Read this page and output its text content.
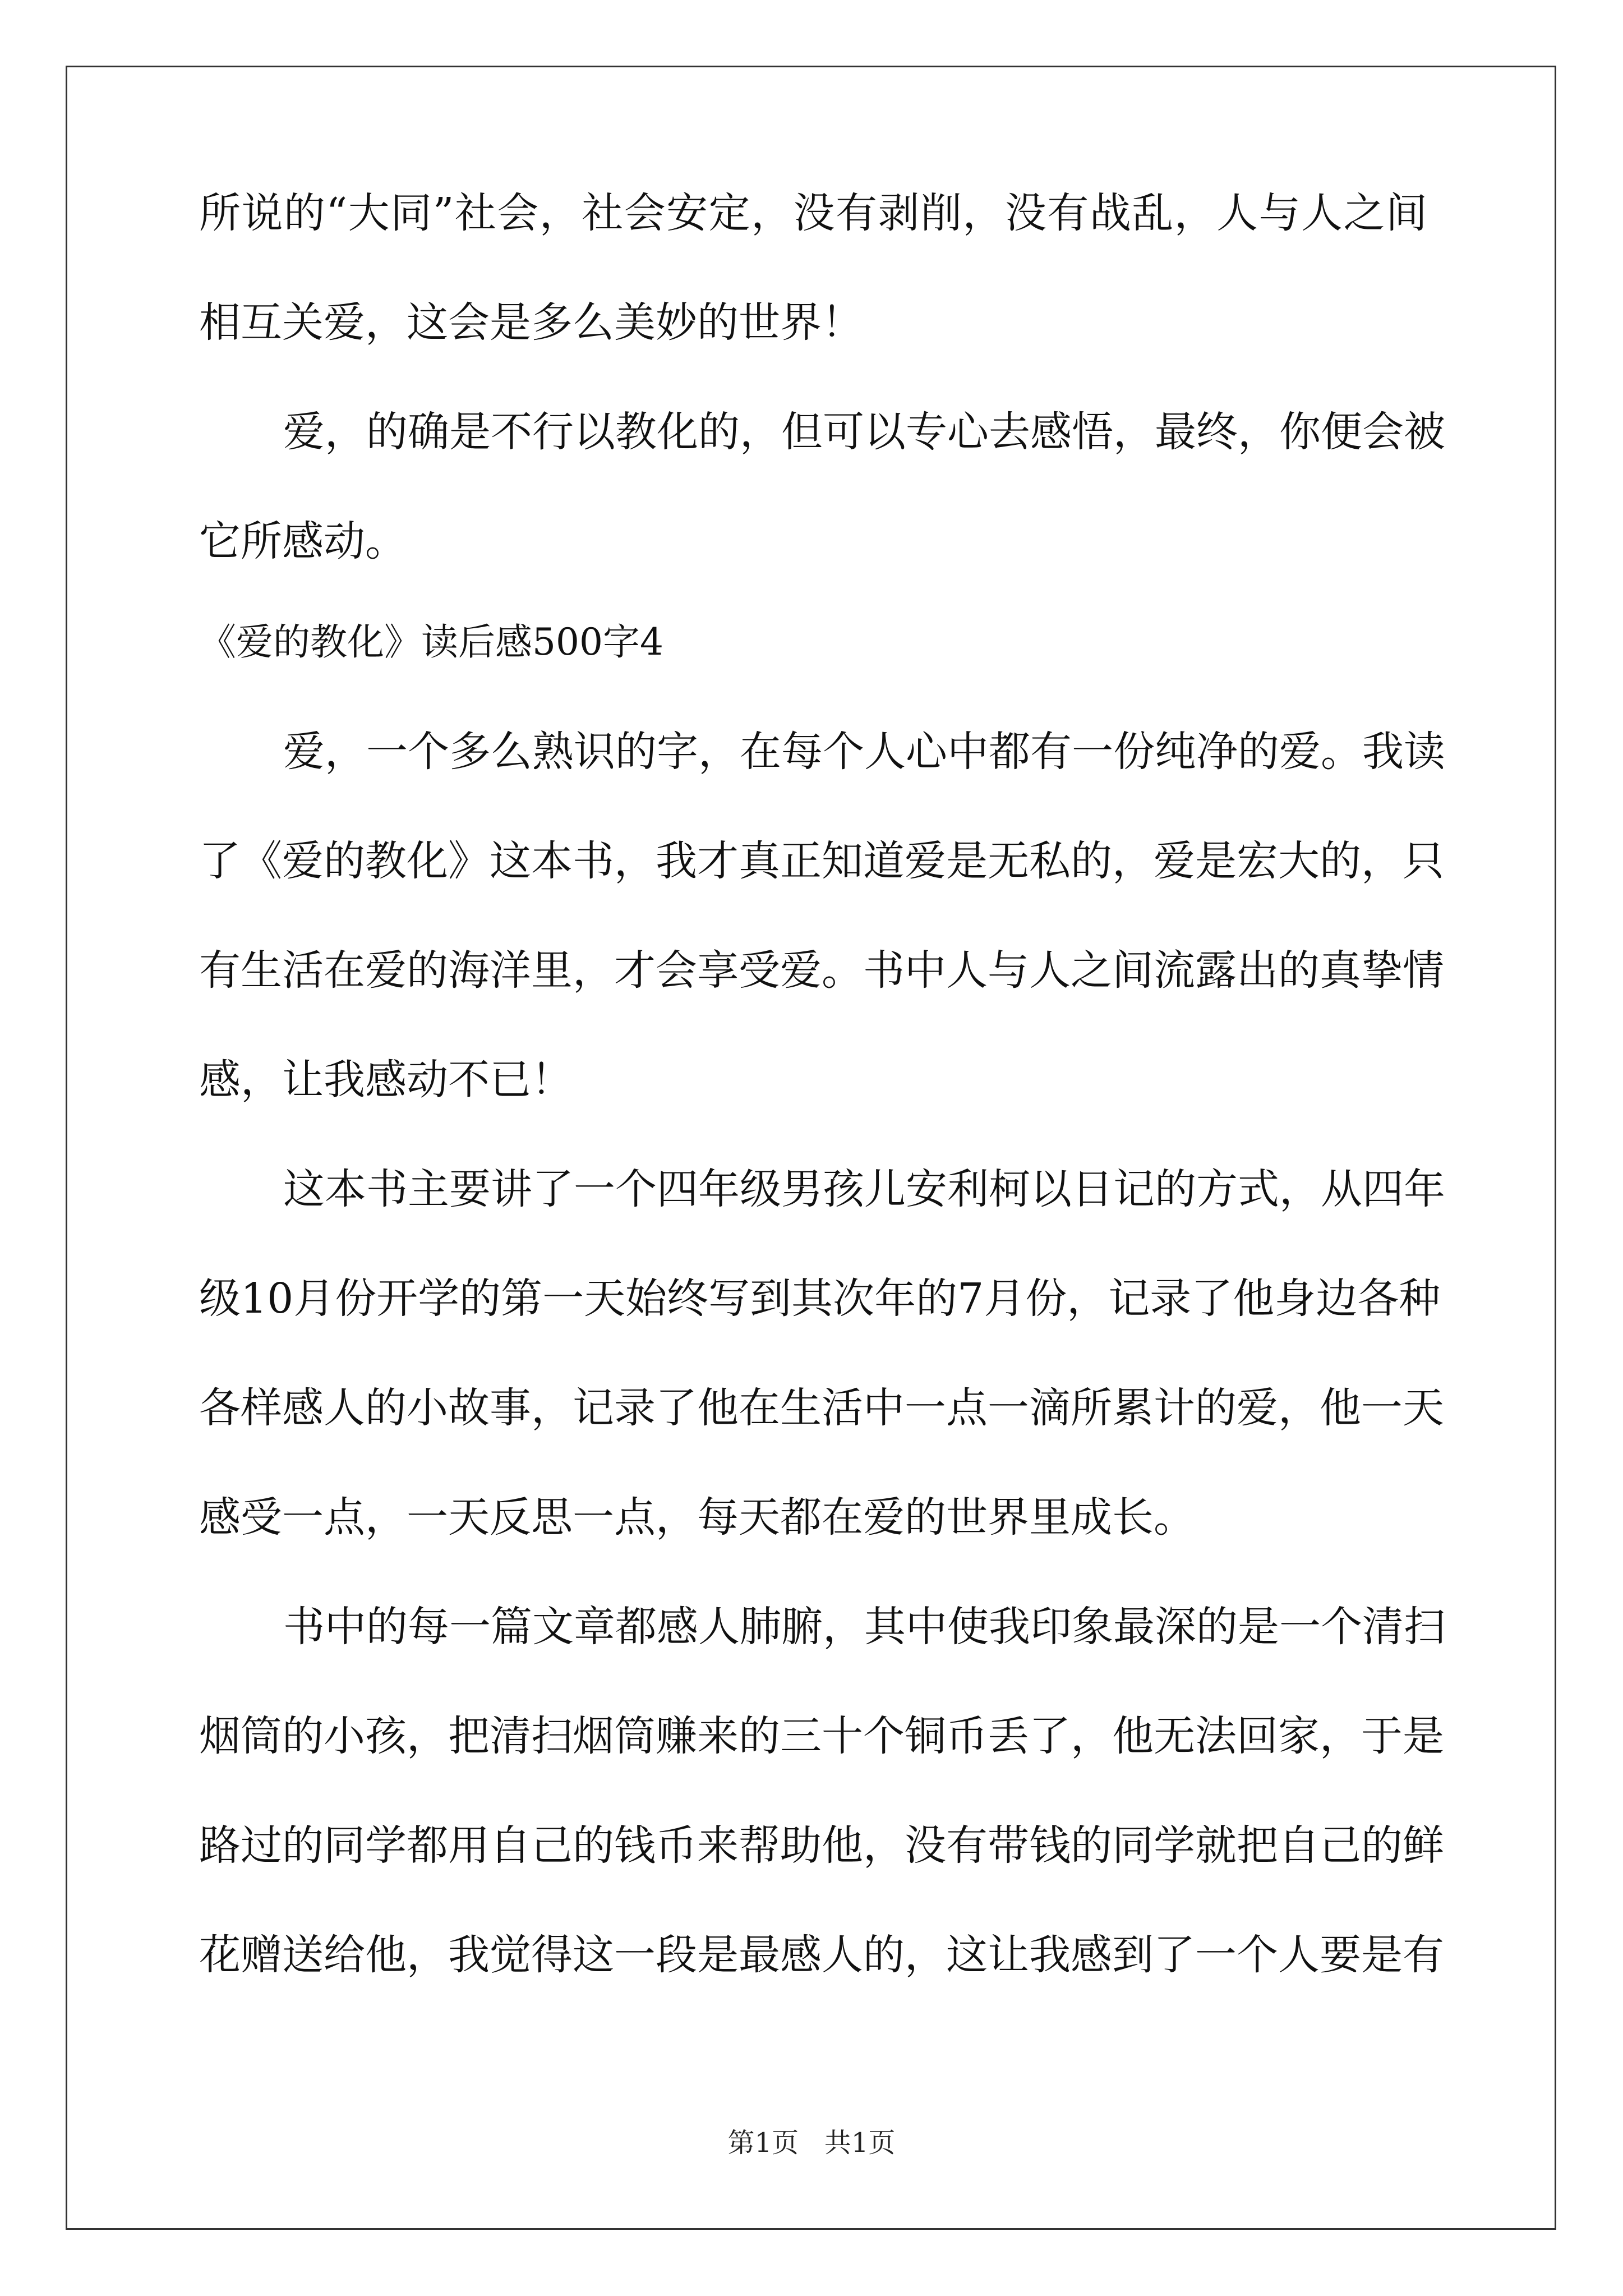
所说的“大同”社会，社会安定，没有剥削，没有战乱，人与人之间
相互关爱，这会是多么美妙的世界！
爱，的确是不行以教化的，但可以专心去感悟，最终，你便会被
它所感动。
《爱的教化》读后感500字4
爱，一个多么熟识的字，在每个人心中都有一份纯净的爱。我读
了《爱的教化》这本书，我才真正知道爱是无私的，爱是宏大的，只
有生活在爱的海洋里，才会享受爱。书中人与人之间流露出的真挚情
感，让我感动不已！
这本书主要讲了一个四年级男孩儿安利柯以日记的方式，从四年
级10月份开学的第一天始终写到其次年的7月份，记录了他身边各种
各样感人的小故事，记录了他在生活中一点一滴所累计的爱，他一天
感受一点，一天反思一点，每天都在爱的世界里成长。
书中的每一篇文章都感人肺腑，其中使我印象最深的是一个清扫
烟筒的小孩，把清扫烟筒赚来的三十个铜币丢了，他无法回家，于是
路过的同学都用自己的钱币来帮助他，没有带钱的同学就把自己的鲜
花赠送给他，我觉得这一段是最感人的，这让我感到了一个人要是有
第1页   共1页
